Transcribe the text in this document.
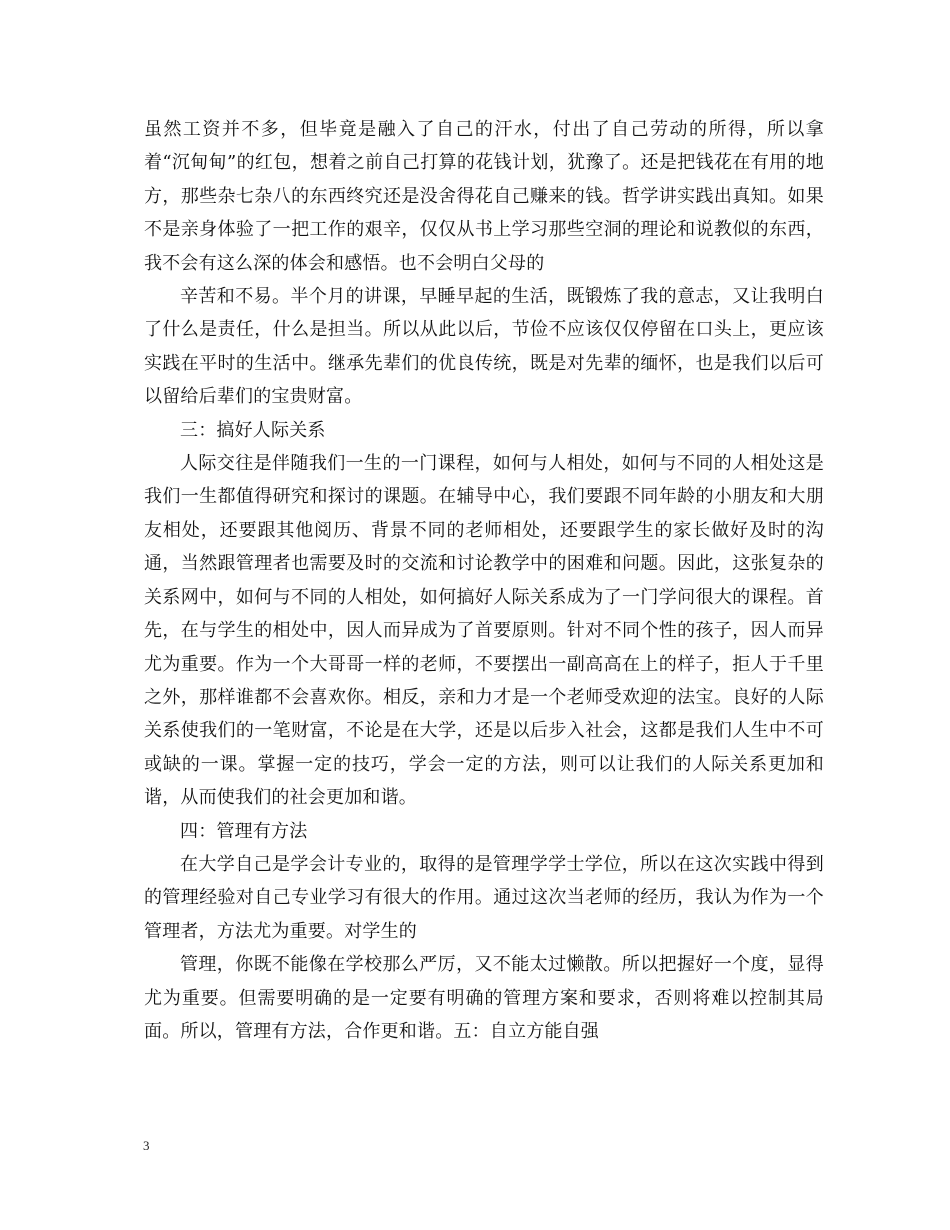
虽然工资并不多，但毕竟是融入了自己的汗水，付出了自己劳动的所得，所以拿着“沉甸甸”的红包，想着之前自己打算的花钱计划，犹豫了。还是把钱花在有用的地方，那些杂七杂八的东西终究还是没舍得花自己赚来的钱。哲学讲实践出真知。如果不是亲身体验了一把工作的艰辛，仅仅从书上学习那些空洞的理论和说教似的东西，我不会有这么深的体会和感悟。也不会明白父母的

辛苦和不易。半个月的讲课，早睡早起的生活，既锻炼了我的意志，又让我明白了什么是责任，什么是担当。所以从此以后，节俭不应该仅仅停留在口头上，更应该实践在平时的生活中。继承先辈们的优良传统，既是对先辈的缅怀，也是我们以后可以留给后辈们的宝贵财富。

三：搞好人际关系

人际交往是伴随我们一生的一门课程，如何与人相处，如何与不同的人相处这是我们一生都值得研究和探讨的课题。在辅导中心，我们要跟不同年龄的小朋友和大朋友相处，还要跟其他阅历、背景不同的老师相处，还要跟学生的家长做好及时的沟通，当然跟管理者也需要及时的交流和讨论教学中的困难和问题。因此，这张复杂的关系网中，如何与不同的人相处，如何搞好人际关系成为了一门学问很大的课程。首先，在与学生的相处中，因人而异成为了首要原则。针对不同个性的孩子，因人而异尤为重要。作为一个大哥哥一样的老师，不要摆出一副高高在上的样子，拒人于千里之外，那样谁都不会喜欢你。相反，亲和力才是一个老师受欢迎的法宝。良好的人际关系使我们的一笔财富，不论是在大学，还是以后步入社会，这都是我们人生中不可或缺的一课。掌握一定的技巧，学会一定的方法，则可以让我们的人际关系更加和谐，从而使我们的社会更加和谐。

四：管理有方法

在大学自己是学会计专业的，取得的是管理学学士学位，所以在这次实践中得到的管理经验对自己专业学习有很大的作用。通过这次当老师的经历，我认为作为一个管理者，方法尤为重要。对学生的

管理，你既不能像在学校那么严厉，又不能太过懒散。所以把握好一个度，显得尤为重要。但需要明确的是一定要有明确的管理方案和要求，否则将难以控制其局面。所以，管理有方法，合作更和谐。五：自立方能自强

3
